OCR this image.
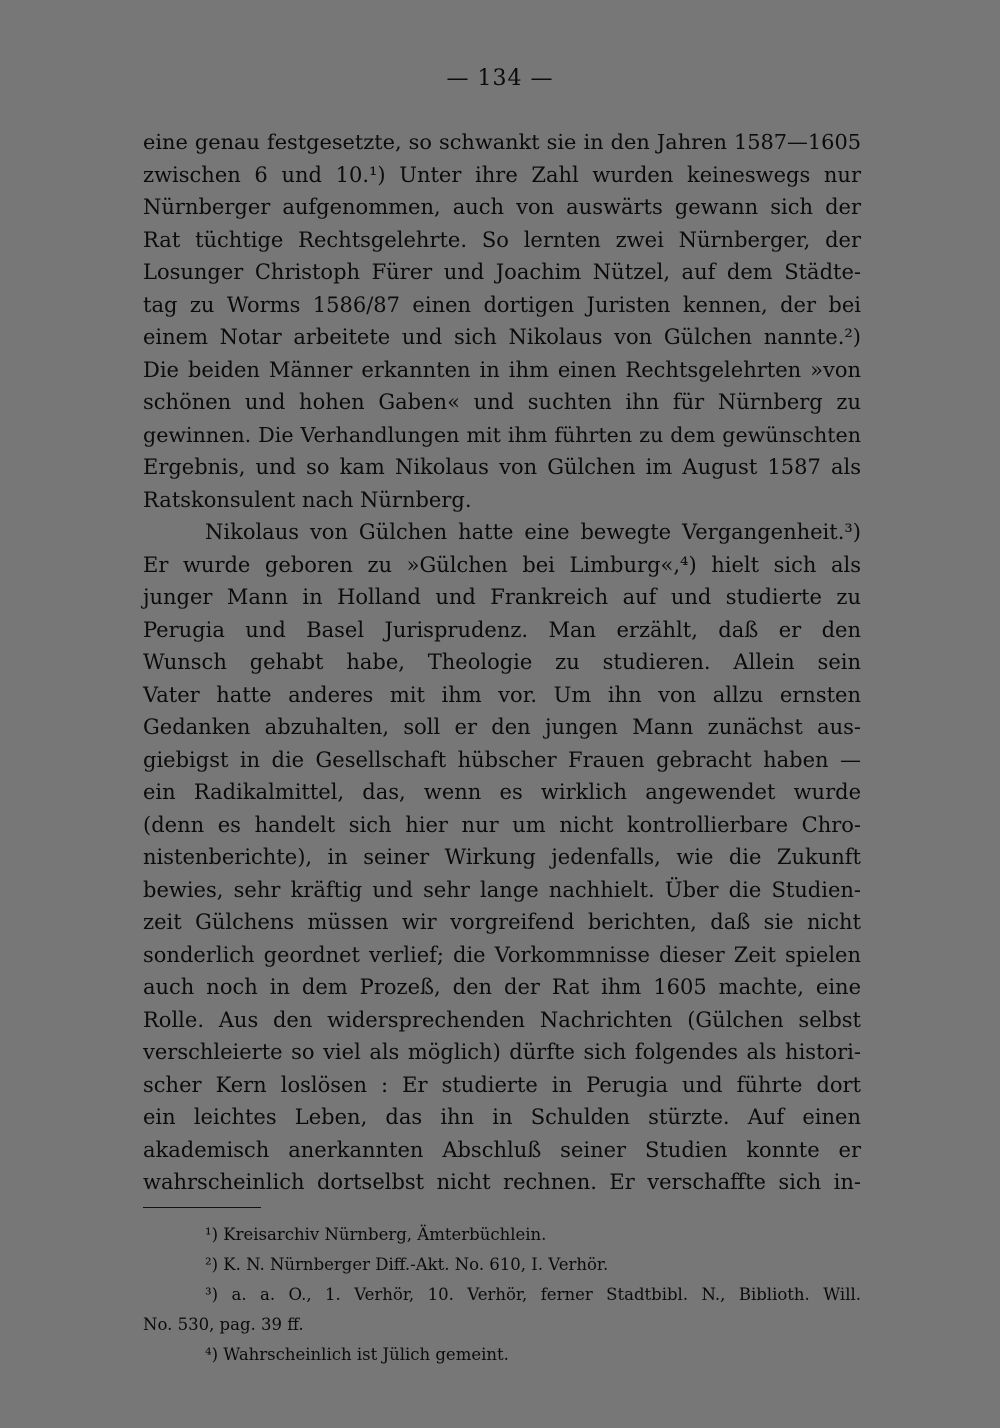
— 134 —
eine genau festgesetzte, so schwankt sie in den Jahren 1587—1605
zwischen 6 und 10.¹) Unter ihre Zahl wurden keineswegs nur
Nürnberger aufgenommen, auch von auswärts gewann sich der
Rat tüchtige Rechtsgelehrte. So lernten zwei Nürnberger, der
Losunger Christoph Fürer und Joachim Nützel, auf dem Städte-
tag zu Worms 1586/87 einen dortigen Juristen kennen, der bei
einem Notar arbeitete und sich Nikolaus von Gülchen nannte.²)
Die beiden Männer erkannten in ihm einen Rechtsgelehrten »von
schönen und hohen Gaben« und suchten ihn für Nürnberg zu
gewinnen. Die Verhandlungen mit ihm führten zu dem gewünschten
Ergebnis, und so kam Nikolaus von Gülchen im August 1587 als
Ratskonsulent nach Nürnberg.
Nikolaus von Gülchen hatte eine bewegte Vergangenheit.³)
Er wurde geboren zu »Gülchen bei Limburg«,⁴) hielt sich als
junger Mann in Holland und Frankreich auf und studierte zu
Perugia und Basel Jurisprudenz. Man erzählt, daß er den
Wunsch gehabt habe, Theologie zu studieren. Allein sein
Vater hatte anderes mit ihm vor. Um ihn von allzu ernsten
Gedanken abzuhalten, soll er den jungen Mann zunächst aus-
giebigst in die Gesellschaft hübscher Frauen gebracht haben —
ein Radikalmittel, das, wenn es wirklich angewendet wurde
(denn es handelt sich hier nur um nicht kontrollierbare Chro-
nistenberichte), in seiner Wirkung jedenfalls, wie die Zukunft
bewies, sehr kräftig und sehr lange nachhielt. Über die Studien-
zeit Gülchens müssen wir vorgreifend berichten, daß sie nicht
sonderlich geordnet verlief; die Vorkommnisse dieser Zeit spielen
auch noch in dem Prozeß, den der Rat ihm 1605 machte, eine
Rolle. Aus den widersprechenden Nachrichten (Gülchen selbst
verschleierte so viel als möglich) dürfte sich folgendes als histori-
scher Kern loslösen : Er studierte in Perugia und führte dort
ein leichtes Leben, das ihn in Schulden stürzte. Auf einen
akademisch anerkannten Abschluß seiner Studien konnte er
wahrscheinlich dortselbst nicht rechnen. Er verschaffte sich in-
¹) Kreisarchiv Nürnberg, Ämterbüchlein.
²) K. N. Nürnberger Diff.-Akt. No. 610, I. Verhör.
³) a. a. O., 1. Verhör, 10. Verhör, ferner Stadtbibl. N., Biblioth. Will.
No. 530, pag. 39 ff.
⁴) Wahrscheinlich ist Jülich gemeint.
